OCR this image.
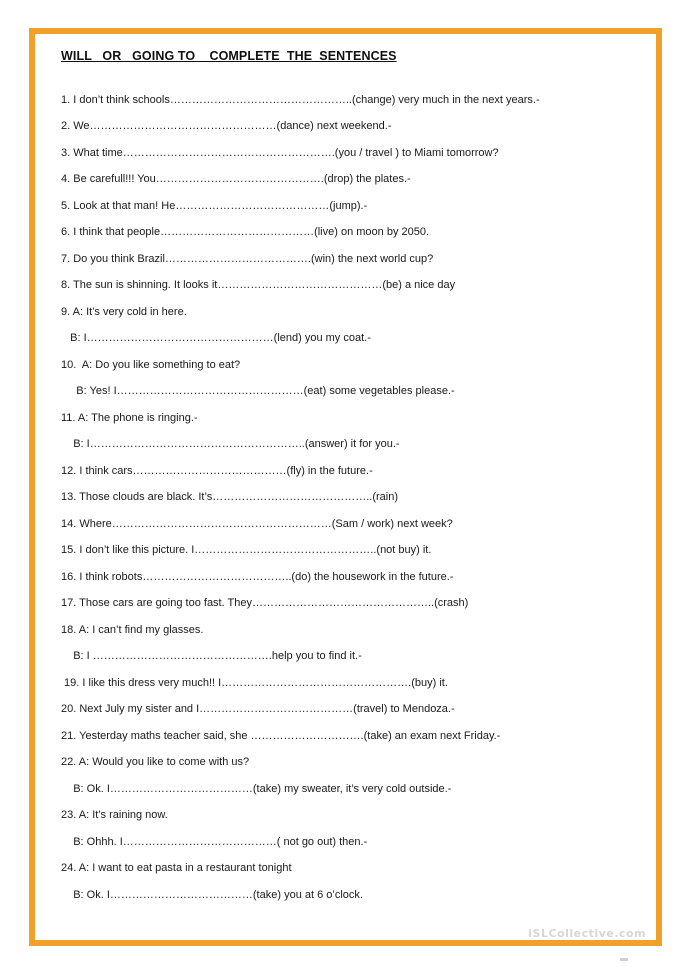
WILL   OR   GOING TO    COMPLETE  THE  SENTENCES
1. I don’t think schools…………………………………………..(change) very much in the next years.-
2. We……………………………………………(dance) next weekend.-
3. What time………………………………………………….(you / travel ) to Miami tomorrow?
4. Be carefull!!! You……………………………………….(drop) the plates.-
5. Look at that man! He……………………………………(jump).-
6. I think that people……………………………………(live) on moon by 2050.
7. Do you think Brazil………………………………….(win) the next world cup?
8. The sun is shinning. It looks it………………………………………(be) a nice day
9. A: It’s very cold in here.
B: I……………………………………………(lend) you my coat.-
10.  A: Do you like something to eat?
B: Yes! I……………………………………………(eat) some vegetables please.-
11. A: The phone is ringing.-
B: I…………………………………………………..(answer) it for you.-
12. I think cars……………………………………(fly) in the future.-
13. Those clouds are black. It’s……………………………………..(rain)
14. Where……………………………………………………(Sam / work) next week?
15. I don’t like this picture. I…………………………………………..(not buy) it.
16. I think robots…………………………………..(do) the housework in the future.-
17. Those cars are going too fast. They…………………………………………..(crash)
18. A: I can’t find my glasses.
B: I ………………………………………….help you to find it.-
19. I like this dress very much!! I…………………………………………….(buy) it.
20. Next July my sister and I……………………………………(travel) to Mendoza.-
21. Yesterday maths teacher said, she ………………………….(take) an exam next Friday.-
22. A: Would you like to come with us?
B: Ok. I…………………………………(take) my sweater, it’s very cold outside.-
23. A: It’s raining now.
B: Ohhh. I……………………………………( not go out) then.-
24. A: I want to eat pasta in a restaurant tonight
B: Ok. I…………………………………(take) you at 6 o’clock.
iSLCollective.com
